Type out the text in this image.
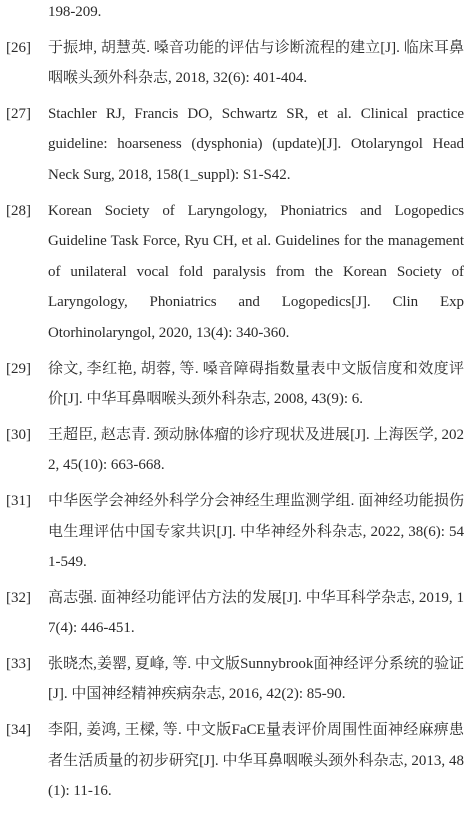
198-209.
[26] 于振坤, 胡慧英. 嗓音功能的评估与诊断流程的建立[J]. 临床耳鼻咽喉头颈外科杂志, 2018, 32(6): 401-404.
[27] Stachler RJ, Francis DO, Schwartz SR, et al. Clinical practice guideline: hoarseness (dysphonia) (update)[J]. Otolaryngol Head Neck Surg, 2018, 158(1_suppl): S1-S42.
[28] Korean Society of Laryngology, Phoniatrics and Logopedics Guideline Task Force, Ryu CH, et al. Guidelines for the management of unilateral vocal fold paralysis from the Korean Society of Laryngology, Phoniatrics and Logopedics[J]. Clin Exp Otorhinolaryngol, 2020, 13(4): 340-360.
[29] 徐文, 李红艳, 胡蓉, 等. 嗓音障碍指数量表中文版信度和效度评价[J]. 中华耳鼻咽喉头颈外科杂志, 2008, 43(9): 6.
[30] 王超臣, 赵志青. 颈动脉体瘤的诊疗现状及进展[J]. 上海医学, 2022, 45(10): 663-668.
[31] 中华医学会神经外科学分会神经生理监测学组. 面神经功能损伤电生理评估中国专家共识[J]. 中华神经外科杂志, 2022, 38(6): 541-549.
[32] 高志强. 面神经功能评估方法的发展[J]. 中华耳科学杂志, 2019, 17(4): 446-451.
[33] 张晓杰,姜罂, 夏峰, 等. 中文版Sunnybrook面神经评分系统的验证[J]. 中国神经精神疾病杂志, 2016, 42(2): 85-90.
[34] 李阳, 姜鸿, 王樑, 等. 中文版FaCE量表评价周围性面神经麻痹患者生活质量的初步研究[J]. 中华耳鼻咽喉头颈外科杂志, 2013, 48(1): 11-16.
